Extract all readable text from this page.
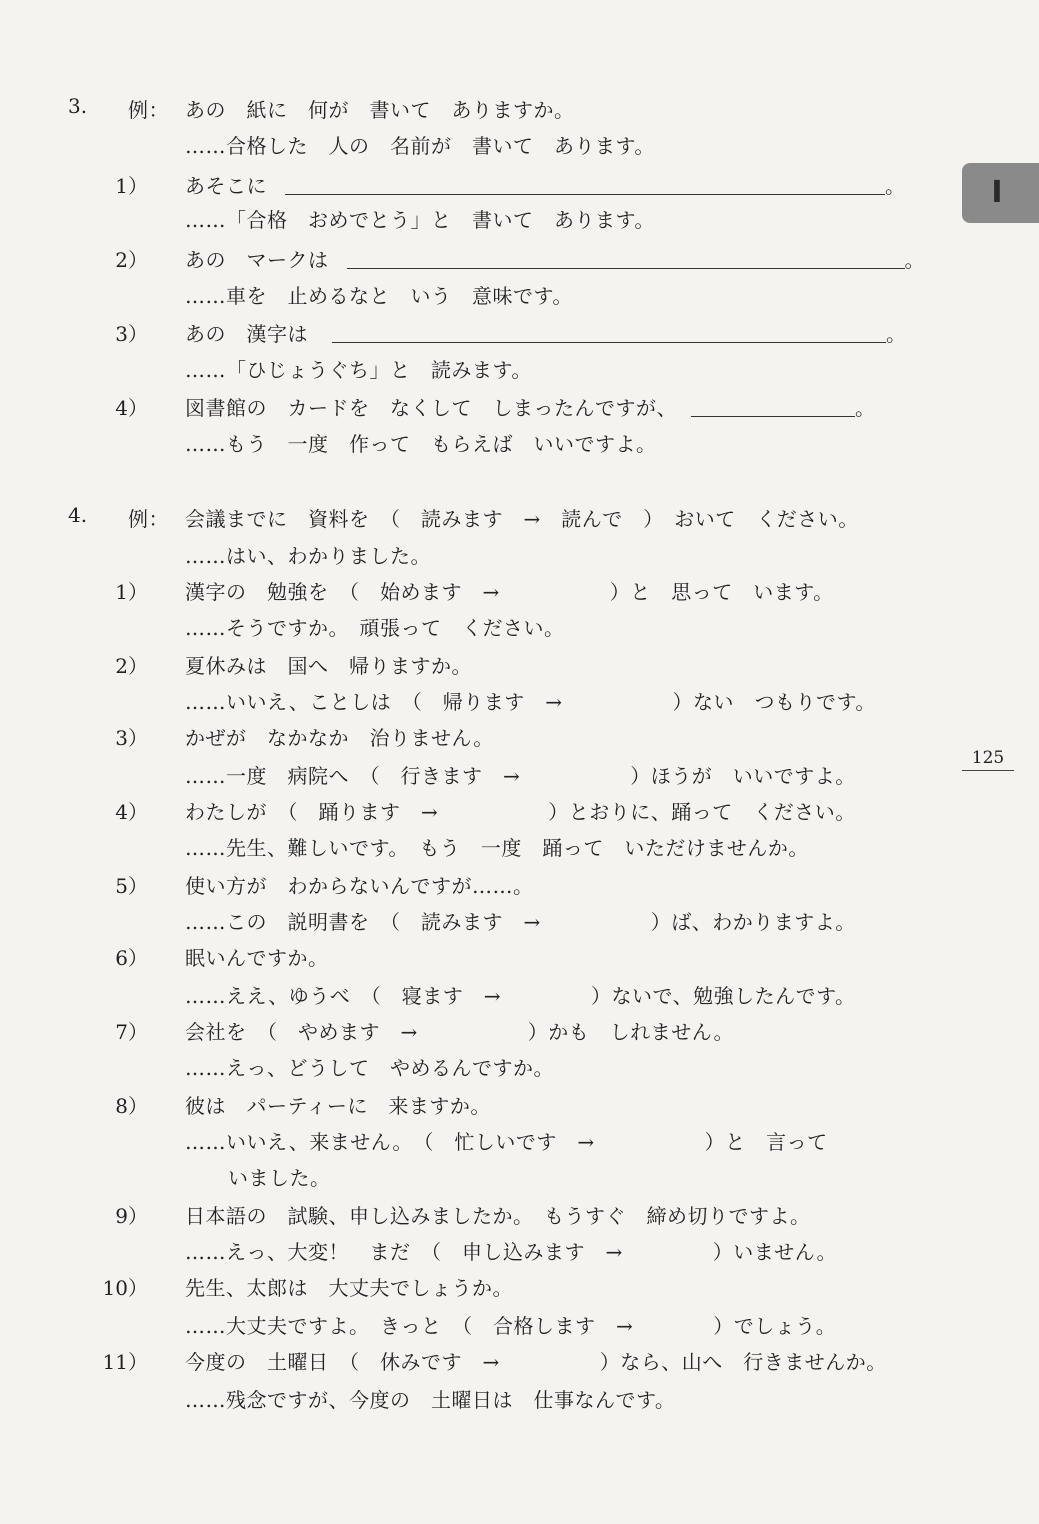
I
125
3. 例： あの　紙に　何が　書いて　ありますか。
……合格した　人の　名前が　書いて　あります。
1） あそこに	。
……「合格　おめでとう」と　書いて　あります。
2） あの　マークは	。
……車を　止めるなと　いう　意味です。
3） あの　漢字は	。
……「ひじょうぐち」と　読みます。
4） 図書館の　カードを　なくして　しまったんですが、	。
……もう　一度　作って　もらえば　いいですよ。
4. 例： 会議までに　資料を　（　読みます　→　読んで　）　おいて　ください。
……はい、わかりました。
1） 漢字の　勉強を　（　始めます　→	）と　思って　います。
……そうですか。　頑張って　ください。
2） 夏休みは　国へ　帰りますか。
……いいえ、ことしは　（　帰ります　→	）ない　つもりです。
3） かぜが　なかなか　治りません。
……一度　病院へ　（　行きます　→	）ほうが　いいですよ。
4） わたしが　（　踊ります　→	）とおりに、踊って　ください。
……先生、難しいです。　もう　一度　踊って　いただけませんか。
5） 使い方が　わからないんですが……。
……この　説明書を　（　読みます　→	）ば、わかりますよ。
6） 眠いんですか。
……ええ、ゆうべ　（　寝ます　→	）ないで、勉強したんです。
7） 会社を　（　やめます　→	）かも　しれません。
……えっ、どうして　やめるんですか。
8） 彼は　パーティーに　来ますか。
……いいえ、来ません。　（　忙しいです　→	）と　言って
いました。
9） 日本語の　試験、申し込みましたか。　もうすぐ　締め切りですよ。
……えっ、大変！　まだ　（　申し込みます　→	）いません。
10） 先生、太郎は　大丈夫でしょうか。
……大丈夫ですよ。　きっと　（　合格します　→	）でしょう。
11） 今度の　土曜日　（　休みです　→	）なら、山へ　行きませんか。
……残念ですが、今度の　土曜日は　仕事なんです。
